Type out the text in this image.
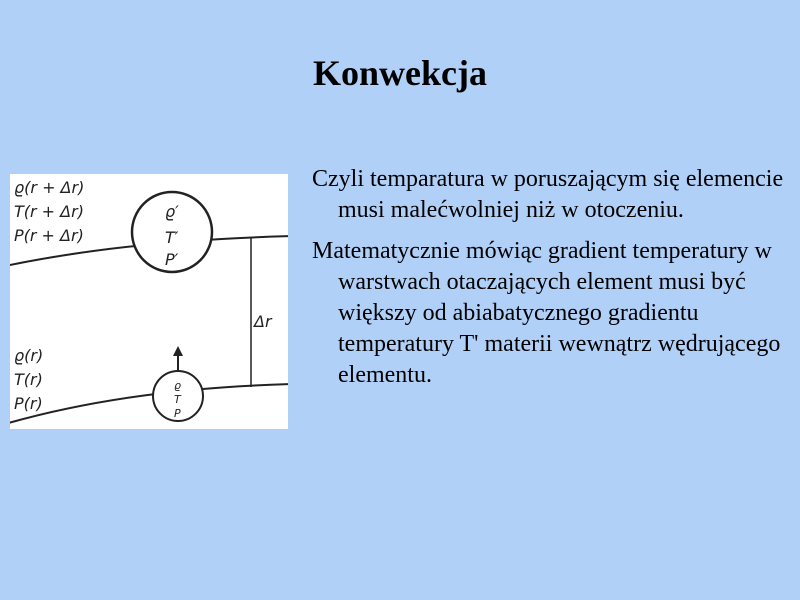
Konwekcja
ϱ(r + Δr)
T(r + Δr)
P(r + Δr)
ϱ′
T′
P′
Δr
ϱ(r)
T(r)
P(r)
ϱ
T
P

Czyli temparatura w poruszającym się elemencie musi malećwolniej niż w otoczeniu.

Matematycznie mówiąc gradient temperatury w warstwach otaczających element musi być większy od abiabatycznego gradientu temperatury T' materii wewnątrz wędrującego elementu.
